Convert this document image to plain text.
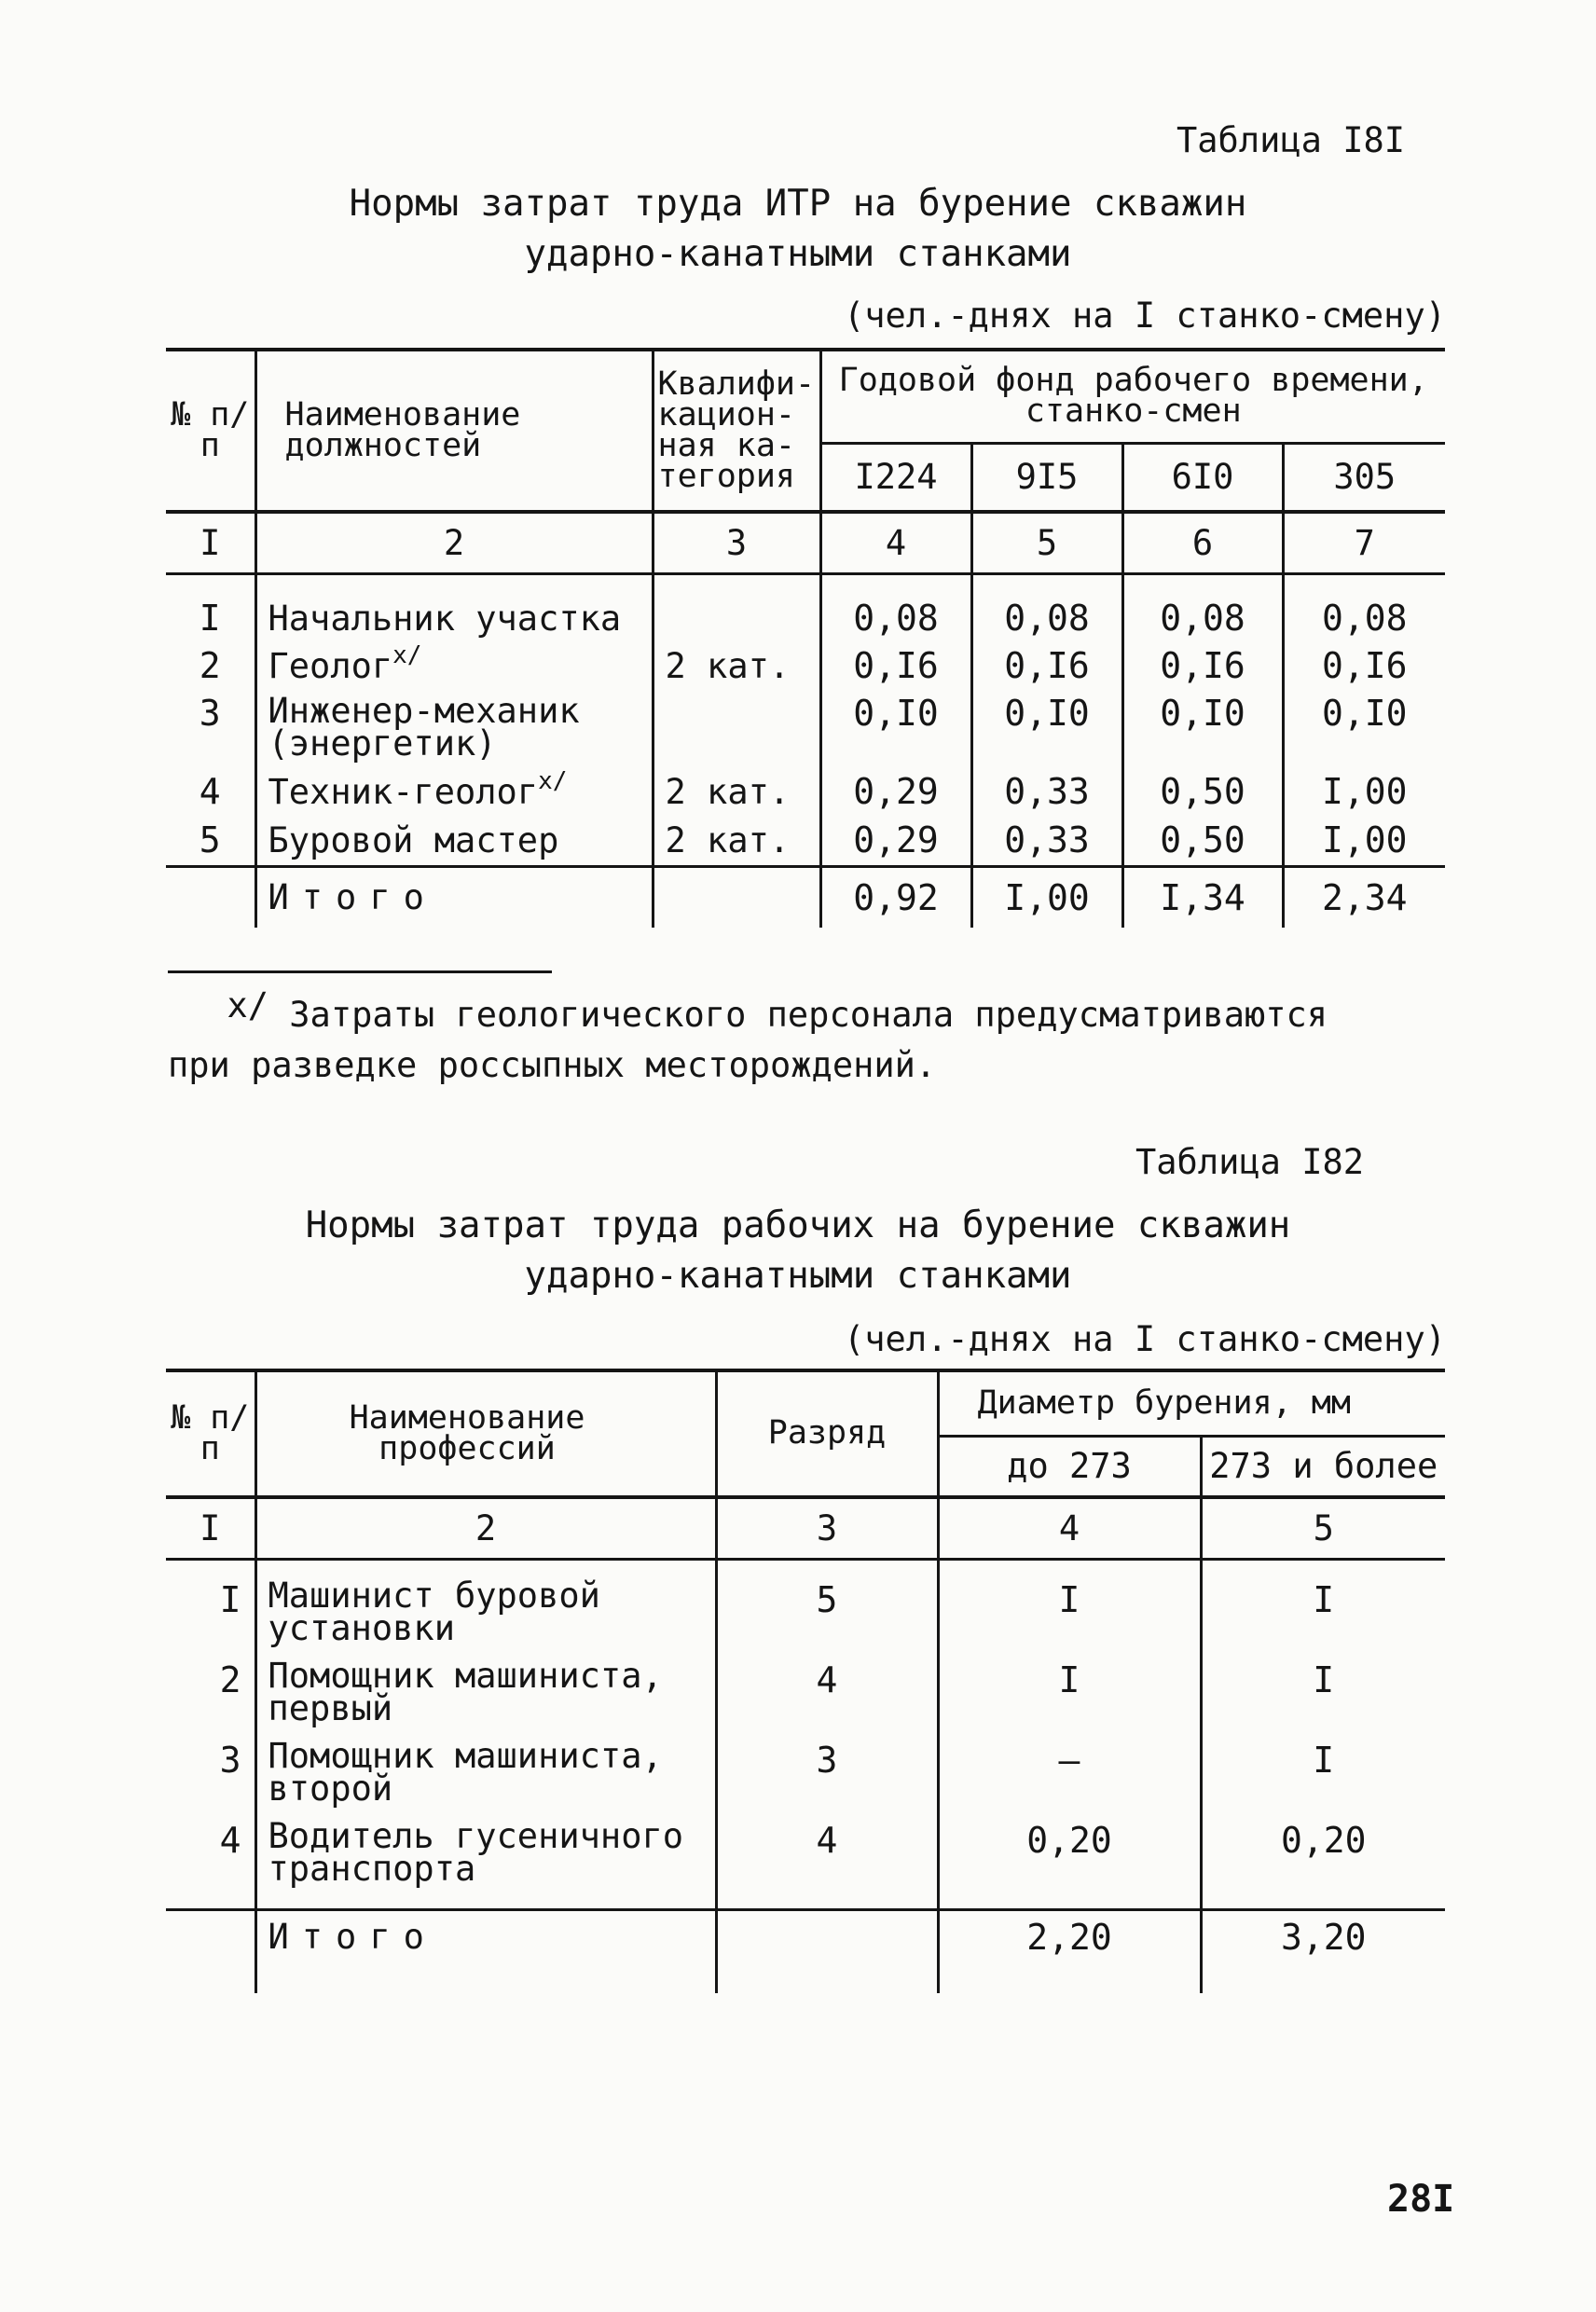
Таблица I8I
Нормы затрат труда ИТР на бурение скважин
ударно-канатными станками
(чел.-днях на I станко-смену)
№ п/п	Наименование должностей	Квалифи- кацион- ная ка- тегория	Годовой фонд рабочего времени, станко-смен			
			I224	9I5	6I0	305
I	2	3	4	5	6	7

I	Начальник участка		0,08	0,08	0,08	0,08
2	Геолог$^{x/}$	2 кат.	0,I6	0,I6	0,I6	0,I6
3	Инженер-механик (энергетик)		0,I0	0,I0	0,I0	0,I0
4	Техник-геолог$^{x/}$	2 кат.	0,29	0,33	0,50	I,00
5	Буровой мастер	2 кат.	0,29	0,33	0,50	I,00
	Итого		0,92	I,00	I,34	2,34
x/ Затраты геологического персонала предусматриваются при разведке россыпных месторождений.
Таблица I82
Нормы затрат труда рабочих на бурение скважин
ударно-канатными станками
(чел.-днях на I станко-смену)
№ п/п	Наименование профессий	Разряд	Диаметр бурения, мм	
			до 273	273 и более
I	2	3	4	5

I	Машинист буровой установки	5	I	I
2	Помощник машиниста, первый	4	I	I
3	Помощник машиниста, второй	3	–	I
4	Водитель гусеничного транспорта	4	0,20	0,20
	Итого		2,20	3,20
28I
